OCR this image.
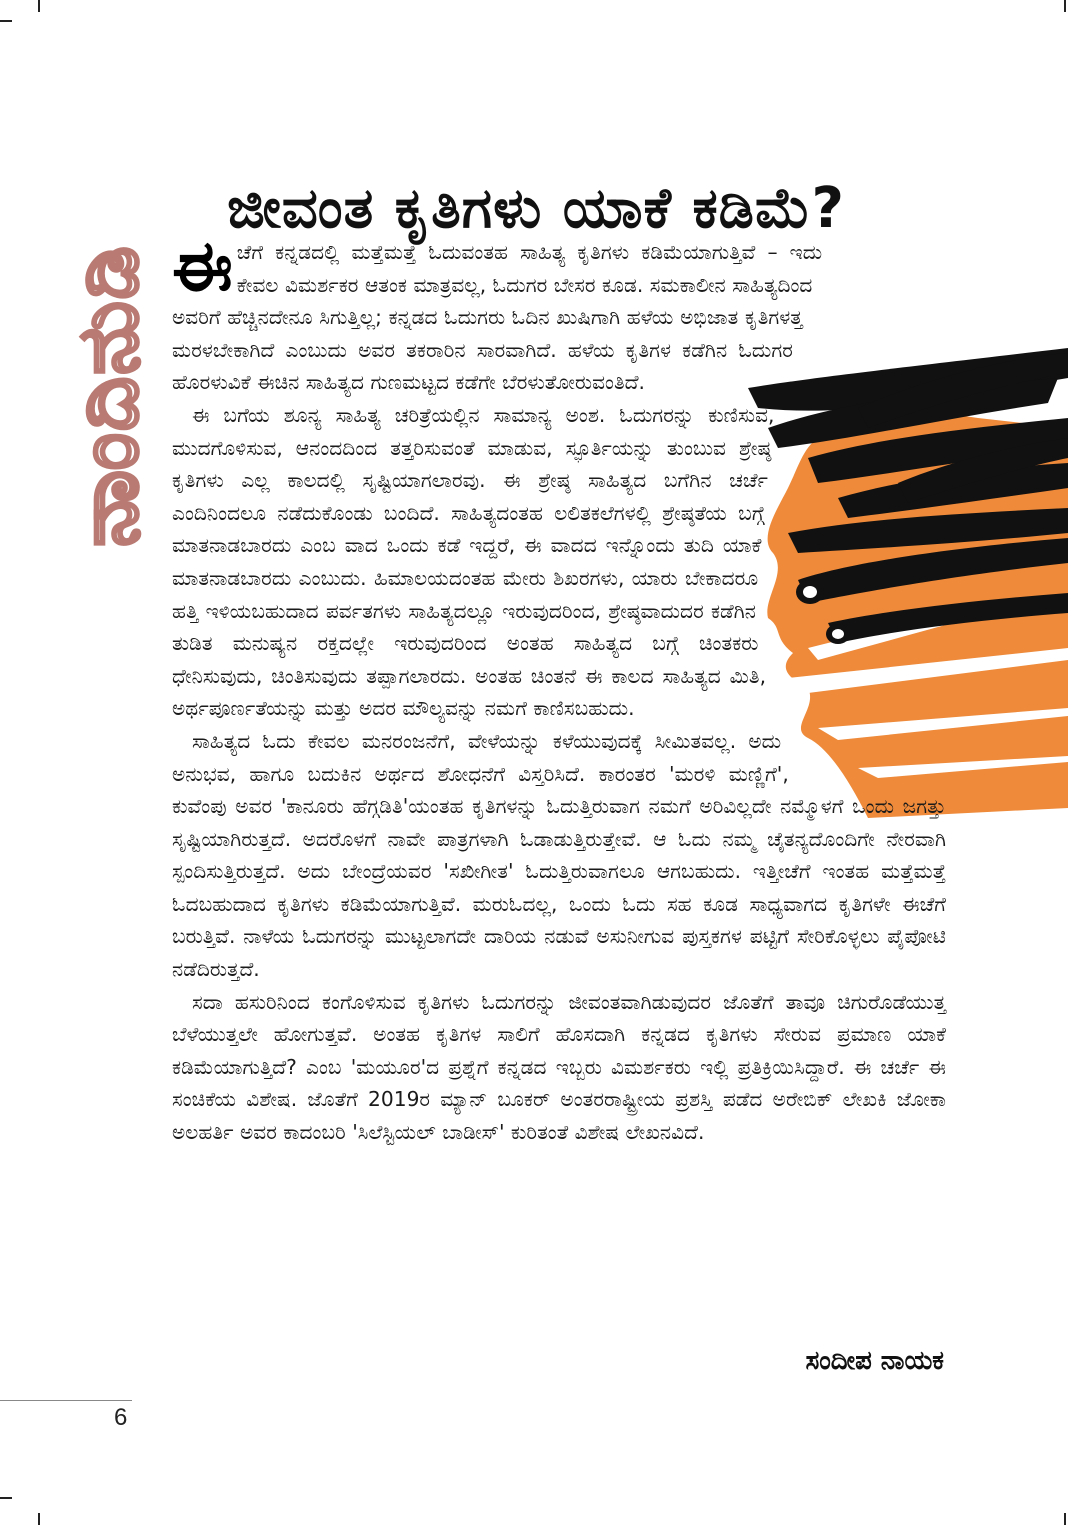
ಜೀವಂತ ಕೃತಿಗಳು ಯಾಕೆ ಕಡಿಮೆ?
ನಾಂದಿನುಡಿ ಈಚೆಗೆ ಕನ್ನಡದಲ್ಲಿ ಮತ್ತೆಮತ್ತೆ ಓದುವಂತಹ ಸಾಹಿತ್ಯ ಕೃತಿಗಳು ಕಡಿಮೆಯಾಗುತ್ತಿವೆ – ಇದು ಕೇವಲ ವಿಮರ್ಶಕರ ಆತಂಕ ಮಾತ್ರವಲ್ಲ, ಓದುಗರ ಬೇಸರ ಕೂಡ. ಸಮಕಾಲೀನ ಸಾಹಿತ್ಯದಿಂದ ಅವರಿಗೆ ಹೆಚ್ಚಿನದೇನೂ ಸಿಗುತ್ತಿಲ್ಲ; ಕನ್ನಡದ ಓದುಗರು ಓದಿನ ಖುಷಿಗಾಗಿ ಹಳೆಯ ಅಭಿಜಾತ ಕೃತಿಗಳತ್ತ ಮರಳಬೇಕಾಗಿದೆ ಎಂಬುದು ಅವರ ತಕರಾರಿನ ಸಾರವಾಗಿದೆ. ಹಳೆಯ ಕೃತಿಗಳ ಕಡೆಗಿನ ಓದುಗರ ಹೊರಳುವಿಕೆ ಈಚಿನ ಸಾಹಿತ್ಯದ ಗುಣಮಟ್ಟದ ಕಡೆಗೇ ಬೆರಳುತೋರುವಂತಿದೆ.

ಈ ಬಗೆಯ ಶೂನ್ಯ ಸಾಹಿತ್ಯ ಚರಿತ್ರೆಯಲ್ಲಿನ ಸಾಮಾನ್ಯ ಅಂಶ. ಓದುಗರನ್ನು ಕುಣಿಸುವ, ಮುದಗೊಳಿಸುವ, ಆನಂದದಿಂದ ತತ್ತರಿಸುವಂತೆ ಮಾಡುವ, ಸ್ಫೂರ್ತಿಯನ್ನು ತುಂಬುವ ಶ್ರೇಷ್ಠ ಕೃತಿಗಳು ಎಲ್ಲ ಕಾಲದಲ್ಲಿ ಸೃಷ್ಟಿಯಾಗಲಾರವು. ಈ ಶ್ರೇಷ್ಠ ಸಾಹಿತ್ಯದ ಬಗೆಗಿನ ಚರ್ಚೆ ಎಂದಿನಿಂದಲೂ ನಡೆದುಕೊಂಡು ಬಂದಿದೆ. ಸಾಹಿತ್ಯದಂತಹ ಲಲಿತಕಲೆಗಳಲ್ಲಿ ಶ್ರೇಷ್ಠತೆಯ ಬಗ್ಗೆ ಮಾತನಾಡಬಾರದು ಎಂಬ ವಾದ ಒಂದು ಕಡೆ ಇದ್ದರೆ, ಈ ವಾದದ ಇನ್ನೊಂದು ತುದಿ ಯಾಕೆ ಮಾತನಾಡಬಾರದು ಎಂಬುದು. ಹಿಮಾಲಯದಂತಹ ಮೇರು ಶಿಖರಗಳು, ಯಾರು ಬೇಕಾದರೂ ಹತ್ತಿ ಇಳಿಯಬಹುದಾದ ಪರ್ವತಗಳು ಸಾಹಿತ್ಯದಲ್ಲೂ ಇರುವುದರಿಂದ, ಶ್ರೇಷ್ಠವಾದುದರ ಕಡೆಗಿನ ತುಡಿತ ಮನುಷ್ಯನ ರಕ್ತದಲ್ಲೇ ಇರುವುದರಿಂದ ಅಂತಹ ಸಾಹಿತ್ಯದ ಬಗ್ಗೆ ಚಿಂತಕರು ಧೇನಿಸುವುದು, ಚಿಂತಿಸುವುದು ತಪ್ಪಾಗಲಾರದು. ಅಂತಹ ಚಿಂತನೆ ಈ ಕಾಲದ ಸಾಹಿತ್ಯದ ಮಿತಿ, ಅರ್ಥಪೂರ್ಣತೆಯನ್ನು ಮತ್ತು ಅದರ ಮೌಲ್ಯವನ್ನು ನಮಗೆ ಕಾಣಿಸಬಹುದು.

ಸಾಹಿತ್ಯದ ಓದು ಕೇವಲ ಮನರಂಜನೆಗೆ, ವೇಳೆಯನ್ನು ಕಳೆಯುವುದಕ್ಕೆ ಸೀಮಿತವಲ್ಲ. ಅದು ಅನುಭವ, ಹಾಗೂ ಬದುಕಿನ ಅರ್ಥದ ಶೋಧನೆಗೆ ವಿಸ್ತರಿಸಿದೆ. ಕಾರಂತರ 'ಮರಳಿ ಮಣ್ಣಿಗೆ', ಕುವೆಂಪು ಅವರ 'ಕಾನೂರು ಹೆಗ್ಗಡಿತಿ'ಯಂತಹ ಕೃತಿಗಳನ್ನು ಓದುತ್ತಿರುವಾಗ ನಮಗೆ ಅರಿವಿಲ್ಲದೇ ನಮ್ಮೊಳಗೆ ಒಂದು ಜಗತ್ತು ಸೃಷ್ಟಿಯಾಗಿರುತ್ತದೆ. ಅದರೊಳಗೆ ನಾವೇ ಪಾತ್ರಗಳಾಗಿ ಓಡಾಡುತ್ತಿರುತ್ತೇವೆ. ಆ ಓದು ನಮ್ಮ ಚೈತನ್ಯದೊಂದಿಗೇ ನೇರವಾಗಿ ಸ್ಪಂದಿಸುತ್ತಿರುತ್ತದೆ. ಅದು ಬೇಂದ್ರೆಯವರ 'ಸಖೀಗೀತ' ಓದುತ್ತಿರುವಾಗಲೂ ಆಗಬಹುದು. ಇತ್ತೀಚೆಗೆ ಇಂತಹ ಮತ್ತೆಮತ್ತೆ ಓದಬಹುದಾದ ಕೃತಿಗಳು ಕಡಿಮೆಯಾಗುತ್ತಿವೆ. ಮರುಓದಲ್ಲ, ಒಂದು ಓದು ಸಹ ಕೂಡ ಸಾಧ್ಯವಾಗದ ಕೃತಿಗಳೇ ಈಚೆಗೆ ಬರುತ್ತಿವೆ. ನಾಳೆಯ ಓದುಗರನ್ನು ಮುಟ್ಟಲಾಗದೇ ದಾರಿಯ ನಡುವೆ ಅಸುನೀಗುವ ಪುಸ್ತಕಗಳ ಪಟ್ಟಿಗೆ ಸೇರಿಕೊಳ್ಳಲು ಪೈಪೋಟಿ ನಡೆದಿರುತ್ತದೆ.

ಸದಾ ಹಸುರಿನಿಂದ ಕಂಗೊಳಿಸುವ ಕೃತಿಗಳು ಓದುಗರನ್ನು ಜೀವಂತವಾಗಿಡುವುದರ ಜೊತೆಗೆ ತಾವೂ ಚಿಗುರೊಡೆಯುತ್ತ ಬೆಳೆಯುತ್ತಲೇ ಹೋಗುತ್ತವೆ. ಅಂತಹ ಕೃತಿಗಳ ಸಾಲಿಗೆ ಹೊಸದಾಗಿ ಕನ್ನಡದ ಕೃತಿಗಳು ಸೇರುವ ಪ್ರಮಾಣ ಯಾಕೆ ಕಡಿಮೆಯಾಗುತ್ತಿದೆ? ಎಂಬ 'ಮಯೂರ'ದ ಪ್ರಶ್ನೆಗೆ ಕನ್ನಡದ ಇಬ್ಬರು ವಿಮರ್ಶಕರು ಇಲ್ಲಿ ಪ್ರತಿಕ್ರಿಯಿಸಿದ್ದಾರೆ. ಈ ಚರ್ಚೆ ಈ ಸಂಚಿಕೆಯ ವಿಶೇಷ. ಜೊತೆಗೆ 2019ರ ಮ್ಯಾನ್ ಬೂಕರ್ ಅಂತರರಾಷ್ಟ್ರೀಯ ಪ್ರಶಸ್ತಿ ಪಡೆದ ಅರೇಬಿಕ್ ಲೇಖಕಿ ಜೋಕಾ ಅಲಹರ್ತಿ ಅವರ ಕಾದಂಬರಿ 'ಸಿಲೆಸ್ಟಿಯಲ್ ಬಾಡೀಸ್' ಕುರಿತಂತೆ ವಿಶೇಷ ಲೇಖನವಿದೆ.

ಸಂದೀಪ ನಾಯಕ
6
